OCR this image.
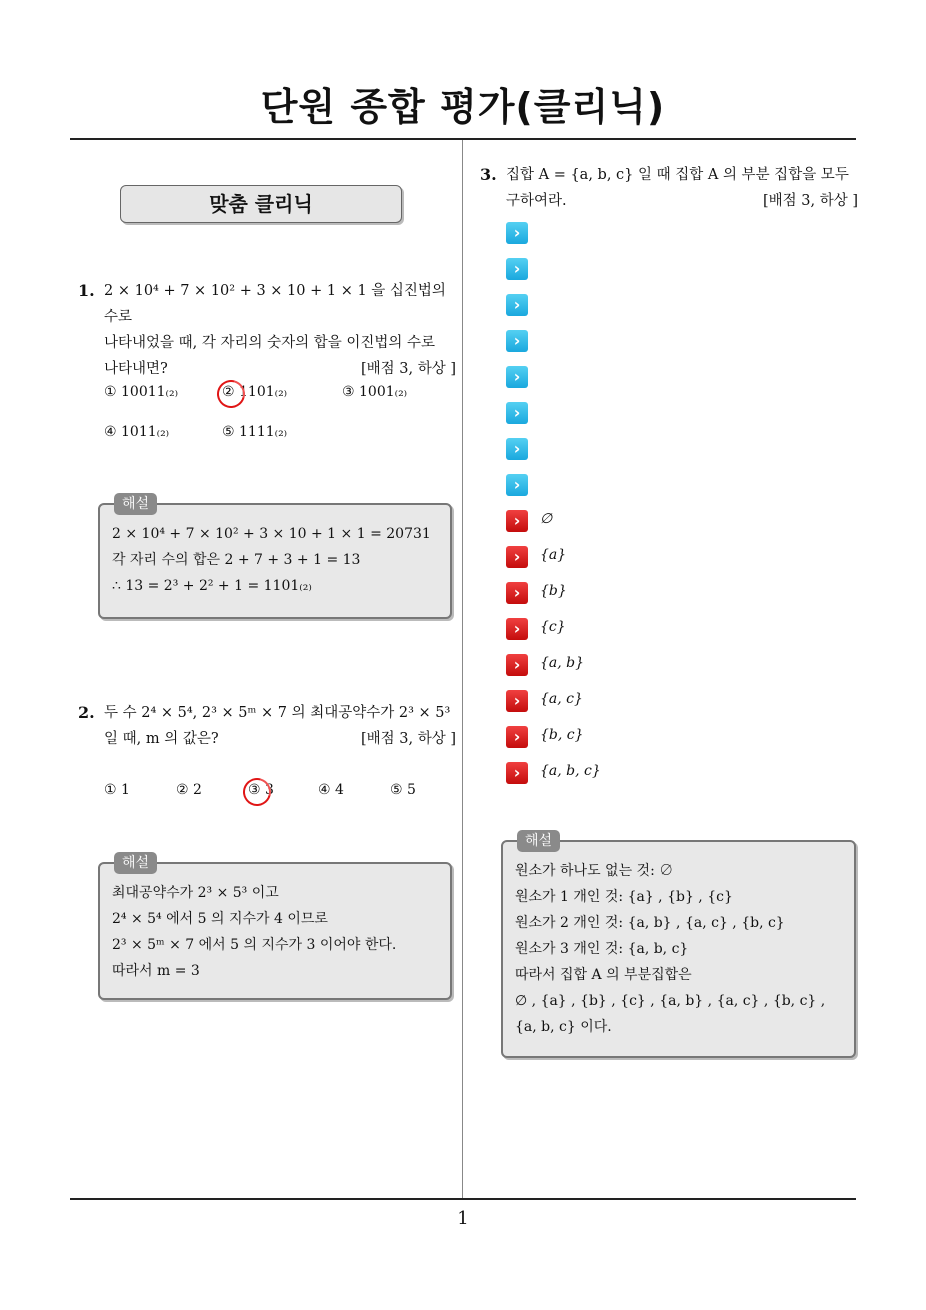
단원 종합 평가(클리닉)
맞춤 클리닉
1. 2 × 10⁴ + 7 × 10² + 3 × 10 + 1 × 1 을 십진법의 수로
나타내었을 때, 각 자리의 숫자의 합을 이진법의 수로
나타내면?	[배점 3, 하상 ]
① 10011₍₂₎	② 1101₍₂₎	③ 1001₍₂₎
④ 1011₍₂₎	⑤ 1111₍₂₎
해설
2 × 10⁴ + 7 × 10² + 3 × 10 + 1 × 1 = 20731
각 자리 수의 합은 2 + 7 + 3 + 1 = 13
∴ 13 = 2³ + 2² + 1 = 1101₍₂₎
2. 두 수 2⁴ × 5⁴, 2³ × 5ᵐ × 7 의 최대공약수가 2³ × 5³
일 때, m 의 값은?	[배점 3, 하상 ]
① 1	② 2	③ 3	④ 4	⑤ 5
해설
최대공약수가 2³ × 5³ 이고
2⁴ × 5⁴ 에서 5 의 지수가 4 이므로
2³ × 5ᵐ × 7 에서 5 의 지수가 3 이어야 한다.
따라서 m = 3
3. 집합 A = {a, b, c} 일 때 집합 A 의 부분 집합을 모두
구하여라.	[배점 3, 하상 ]
›
›
›
›
›
›
›
›
›	∅
›	{a}
›	{b}
›	{c}
›	{a, b}
›	{a, c}
›	{b, c}
›	{a, b, c}
해설
원소가 하나도 없는 것: ∅
원소가 1 개인 것: {a} , {b} , {c}
원소가 2 개인 것: {a, b} , {a, c} , {b, c}
원소가 3 개인 것: {a, b, c}
따라서 집합 A 의 부분집합은
∅ , {a} , {b} , {c} , {a, b} , {a, c} , {b, c} ,
{a, b, c} 이다.
1
